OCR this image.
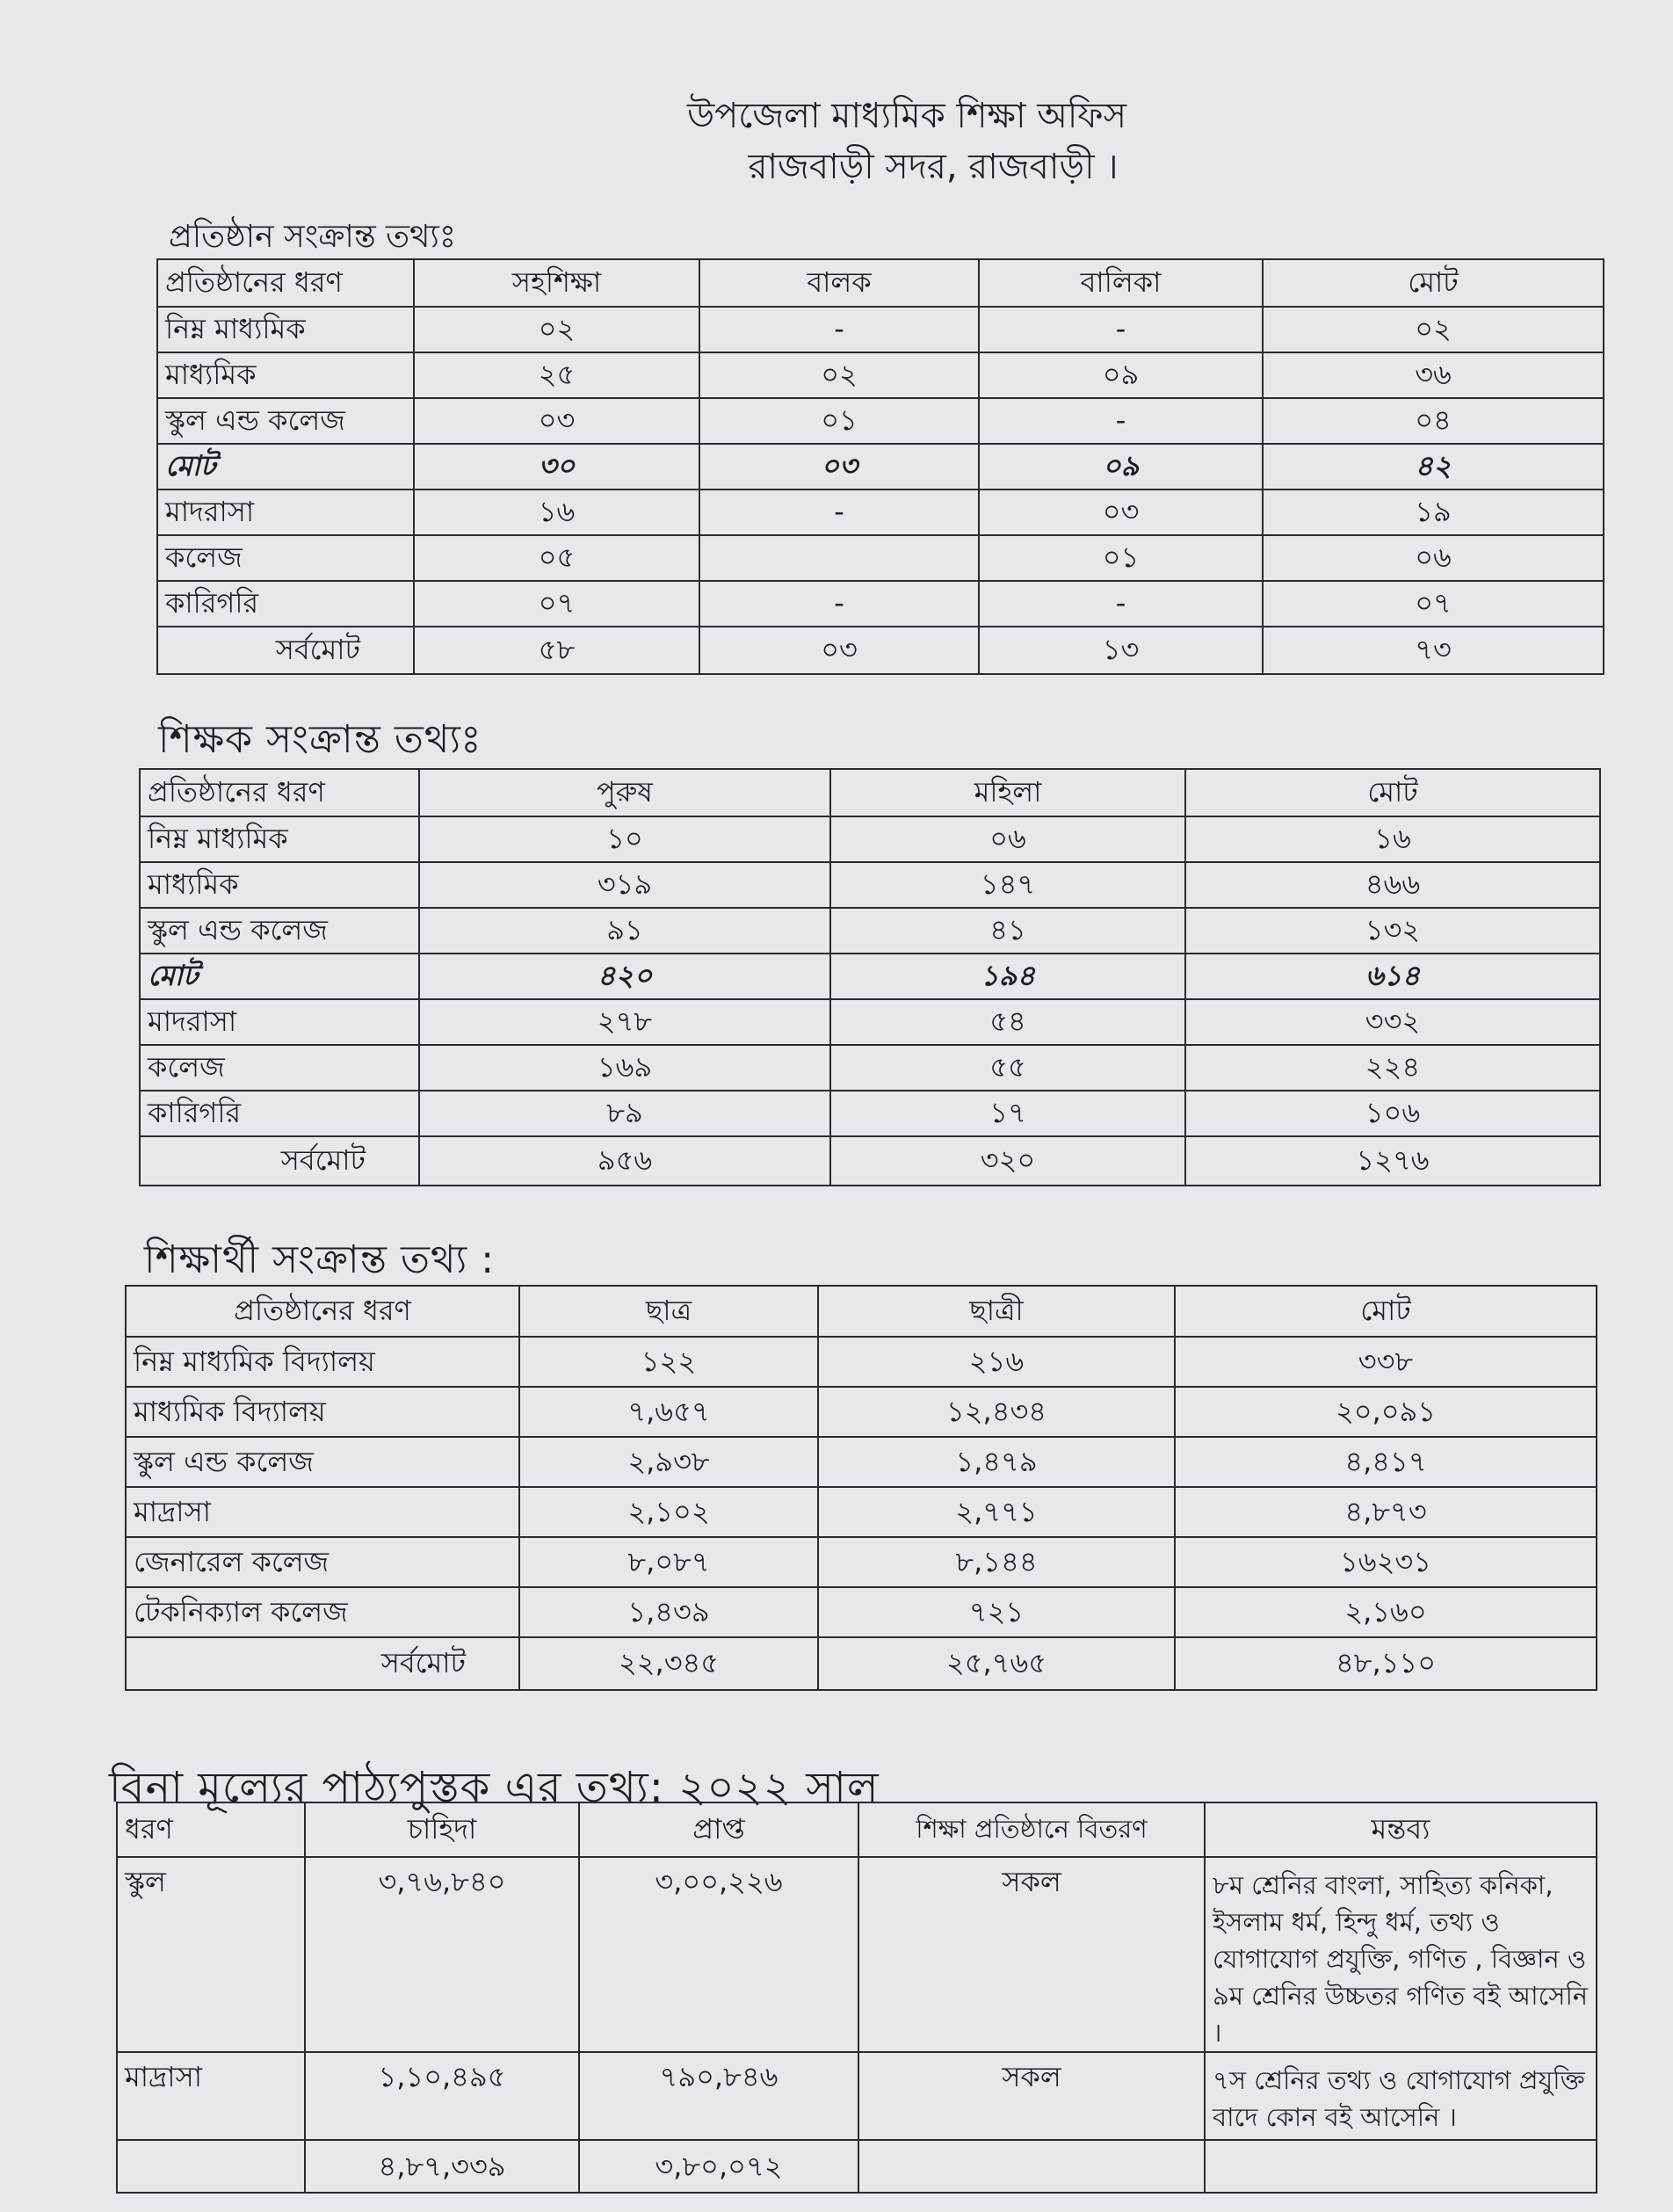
উপজেলা মাধ্যমিক শিক্ষা অফিস
রাজবাড়ী সদর, রাজবাড়ী ।
প্রতিষ্ঠান সংক্রান্ত তথ্যঃ
প্রতিষ্ঠানের ধরণ	সহশিক্ষা	বালক	বালিকা	মোট
নিম্ন মাধ্যমিক	০২	-	-	০২
মাধ্যমিক	২৫	০২	০৯	৩৬
স্কুল এন্ড কলেজ	০৩	০১	-	০৪
মোট	৩০	০৩	০৯	৪২
মাদরাসা	১৬	-	০৩	১৯
কলেজ	০৫		০১	০৬
কারিগরি	০৭	-	-	০৭
সর্বমোট	৫৮	০৩	১৩	৭৩
শিক্ষক সংক্রান্ত তথ্যঃ
প্রতিষ্ঠানের ধরণ	পুরুষ	মহিলা	মোট
নিম্ন মাধ্যমিক	১০	০৬	১৬
মাধ্যমিক	৩১৯	১৪৭	৪৬৬
স্কুল এন্ড কলেজ	৯১	৪১	১৩২
মোট	৪২০	১৯৪	৬১৪
মাদরাসা	২৭৮	৫৪	৩৩২
কলেজ	১৬৯	৫৫	২২৪
কারিগরি	৮৯	১৭	১০৬
সর্বমোট	৯৫৬	৩২০	১২৭৬
শিক্ষার্থী সংক্রান্ত তথ্য :
প্রতিষ্ঠানের ধরণ	ছাত্র	ছাত্রী	মোট
নিম্ন মাধ্যমিক বিদ্যালয়	১২২	২১৬	৩৩৮
মাধ্যমিক বিদ্যালয়	৭,৬৫৭	১২,৪৩৪	২০,০৯১
স্কুল এন্ড কলেজ	২,৯৩৮	১,৪৭৯	৪,৪১৭
মাদ্রাসা	২,১০২	২,৭৭১	৪,৮৭৩
জেনারেল কলেজ	৮,০৮৭	৮,১৪৪	১৬২৩১
টেকনিক্যাল কলেজ	১,৪৩৯	৭২১	২,১৬০
সর্বমোট	২২,৩৪৫	২৫,৭৬৫	৪৮,১১০
বিনা মূল্যের পাঠ্যপুস্তক এর তথ্য: ২০২২ সাল
ধরণ	চাহিদা	প্রাপ্ত	শিক্ষা প্রতিষ্ঠানে বিতরণ	মন্তব্য
স্কুল	৩,৭৬,৮৪০	৩,০০,২২৬	সকল	৮ম শ্রেনির বাংলা, সাহিত্য কনিকা, ইসলাম ধর্ম, হিন্দু ধর্ম, তথ্য ও যোগাযোগ প্রযুক্তি, গণিত , বিজ্ঞান ও ৯ম শ্রেনির উচ্চতর গণিত বই আসেনি ।
মাদ্রাসা	১,১০,৪৯৫	৭৯০,৮৪৬	সকল	৭স শ্রেনির তথ্য ও যোগাযোগ প্রযুক্তি বাদে কোন বই আসেনি ।
	৪,৮৭,৩৩৯	৩,৮০,০৭২		
